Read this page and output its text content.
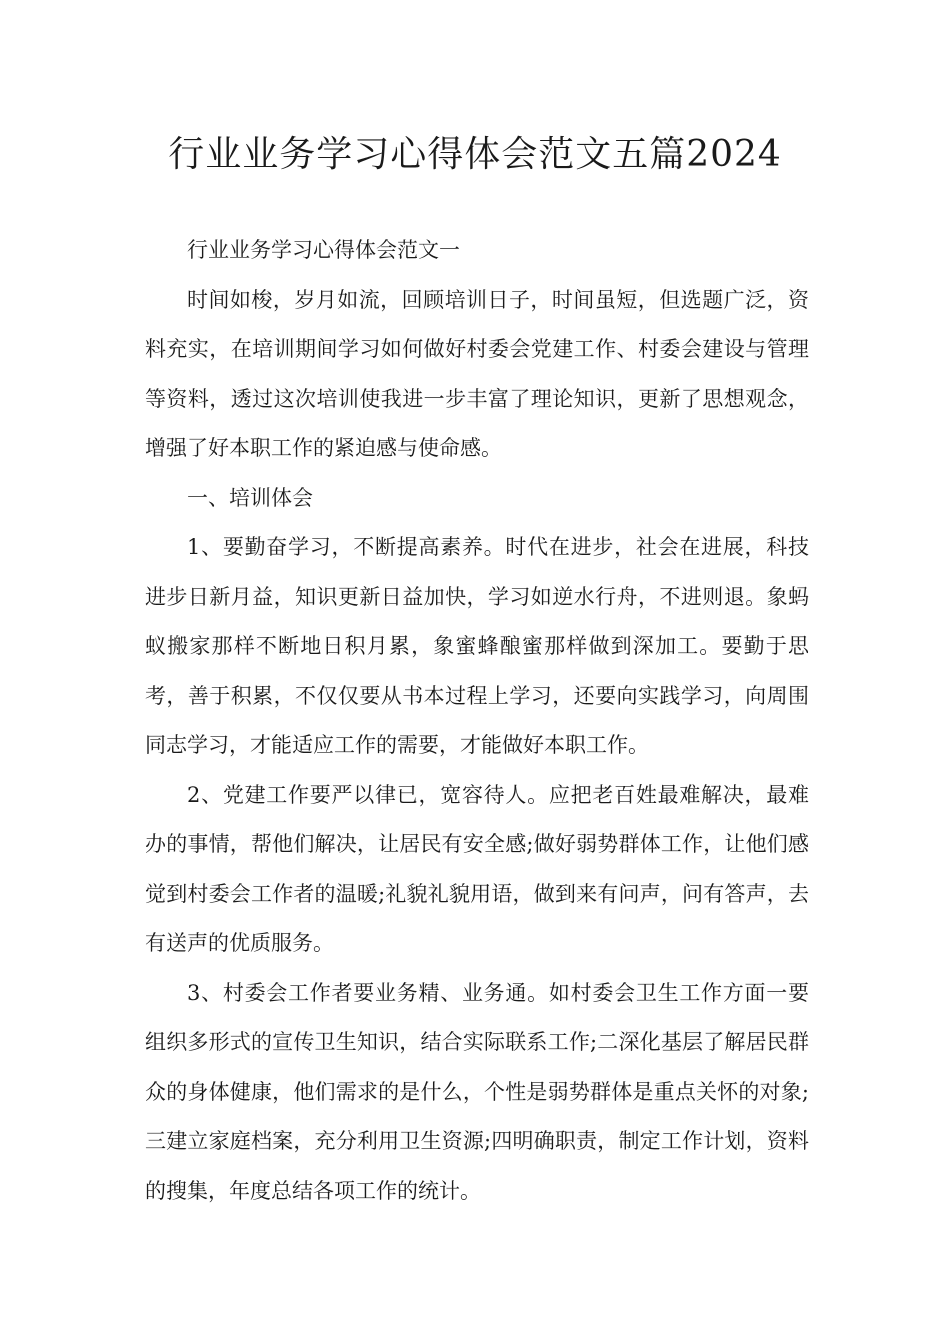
行业业务学习心得体会范文五篇2024

行业业务学习心得体会范文一

时间如梭，岁月如流，回顾培训日子，时间虽短，但选题广泛，资料充实，在培训期间学习如何做好村委会党建工作、村委会建设与管理等资料，透过这次培训使我进一步丰富了理论知识，更新了思想观念，增强了好本职工作的紧迫感与使命感。

一、培训体会

1、要勤奋学习，不断提高素养。时代在进步，社会在进展，科技进步日新月益，知识更新日益加快，学习如逆水行舟，不进则退。象蚂蚁搬家那样不断地日积月累，象蜜蜂酿蜜那样做到深加工。要勤于思考，善于积累，不仅仅要从书本过程上学习，还要向实践学习，向周围同志学习，才能适应工作的需要，才能做好本职工作。

2、党建工作要严以律已，宽容待人。应把老百姓最难解决，最难办的事情，帮他们解决，让居民有安全感;做好弱势群体工作，让他们感觉到村委会工作者的温暖;礼貌礼貌用语，做到来有问声，问有答声，去有送声的优质服务。

3、村委会工作者要业务精、业务通。如村委会卫生工作方面一要组织多形式的宣传卫生知识，结合实际联系工作;二深化基层了解居民群众的身体健康，他们需求的是什么，个性是弱势群体是重点关怀的对象;三建立家庭档案，充分利用卫生资源;四明确职责，制定工作计划，资料的搜集，年度总结各项工作的统计。
